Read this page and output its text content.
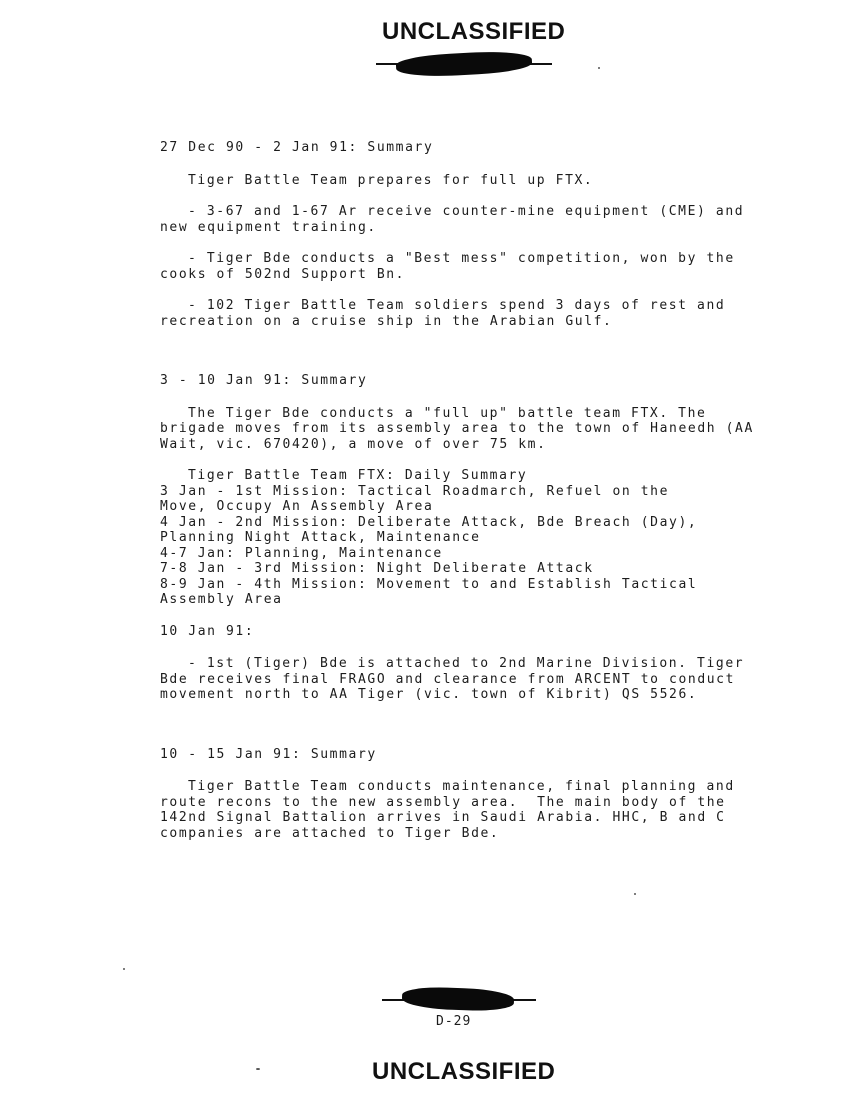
UNCLASSIFIED

27 Dec 90 - 2 Jan 91: Summary

Tiger Battle Team prepares for full up FTX.

- 3-67 and 1-67 Ar receive counter-mine equipment (CME) and new equipment training.

- Tiger Bde conducts a "Best mess" competition, won by the cooks of 502nd Support Bn.

- 102 Tiger Battle Team soldiers spend 3 days of rest and recreation on a cruise ship in the Arabian Gulf.

3 - 10 Jan 91: Summary

The Tiger Bde conducts a "full up" battle team FTX. The brigade moves from its assembly area to the town of Haneedh (AA Wait, vic. 670420), a move of over 75 km.

Tiger Battle Team FTX: Daily Summary

3 Jan - 1st Mission: Tactical Roadmarch, Refuel on the

Move, Occupy An Assembly Area

4 Jan - 2nd Mission: Deliberate Attack, Bde Breach (Day),

Planning Night Attack, Maintenance

4-7 Jan: Planning, Maintenance

7-8 Jan - 3rd Mission: Night Deliberate Attack

8-9 Jan - 4th Mission: Movement to and Establish Tactical

Assembly Area

10 Jan 91:

- 1st (Tiger) Bde is attached to 2nd Marine Division. Tiger Bde receives final FRAGO and clearance from ARCENT to conduct movement north to AA Tiger (vic. town of Kibrit) QS 5526.

10 - 15 Jan 91: Summary

Tiger Battle Team conducts maintenance, final planning and route recons to the new assembly area.  The main body of the 142nd Signal Battalion arrives in Saudi Arabia. HHC, B and C companies are attached to Tiger Bde.

D-29
UNCLASSIFIED
